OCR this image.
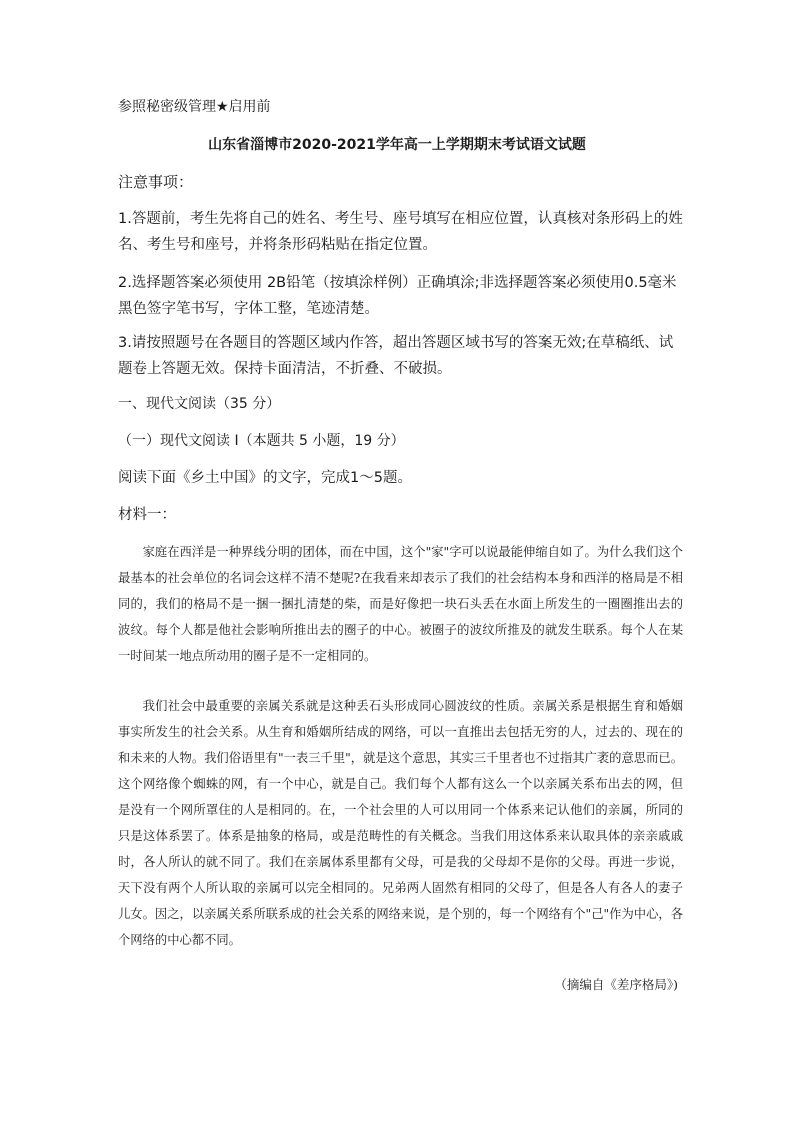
参照秘密级管理★启用前
山东省淄博市2020-2021学年高一上学期期末考试语文试题
注意事项：
1.答题前，考生先将自己的姓名、考生号、座号填写在相应位置，认真核对条形码上的姓名、考生号和座号，并将条形码粘贴在指定位置。
2.选择题答案必须使用 2B铅笔（按填涂样例）正确填涂;非选择题答案必须使用0.5毫米黑色签字笔书写，字体工整，笔迹清楚。
3.请按照题号在各题目的答题区域内作答，超出答题区域书写的答案无效;在草稿纸、试题卷上答题无效。保持卡面清洁，不折叠、不破损。
一、现代文阅读（35 分）
（一）现代文阅读 I（本题共 5 小题，19 分）
阅读下面《乡土中国》的文字，完成1～5题。
材料一：

家庭在西洋是一种界线分明的团体，而在中国，这个"家"字可以说最能伸缩自如了。为什么我们这个最基本的社会单位的名词会这样不清不楚呢?在我看来却表示了我们的社会结构本身和西洋的格局是不相同的，我们的格局不是一捆一捆扎清楚的柴，而是好像把一块石头丢在水面上所发生的一圈圈推出去的波纹。每个人都是他社会影响所推出去的圈子的中心。被圈子的波纹所推及的就发生联系。每个人在某一时间某一地点所动用的圈子是不一定相同的。

我们社会中最重要的亲属关系就是这种丢石头形成同心圆波纹的性质。亲属关系是根据生育和婚姻事实所发生的社会关系。从生育和婚姻所结成的网络，可以一直推出去包括无穷的人，过去的、现在的和未来的人物。我们俗语里有"一表三千里"，就是这个意思，其实三千里者也不过指其广袤的意思而已。这个网络像个蜘蛛的网，有一个中心，就是自己。我们每个人都有这么一个以亲属关系布出去的网，但是没有一个网所罩住的人是相同的。在，一个社会里的人可以用同一个体系来记认他们的亲属，所同的只是这体系罢了。体系是抽象的格局，或是范畴性的有关概念。当我们用这体系来认取具体的亲亲戚戚时，各人所认的就不同了。我们在亲属体系里都有父母，可是我的父母却不是你的父母。再进一步说，天下没有两个人所认取的亲属可以完全相同的。兄弟两人固然有相同的父母了，但是各人有各人的妻子儿女。因之，以亲属关系所联系成的社会关系的网络来说，是个别的，每一个网络有个"己"作为中心，各个网络的中心都不同。

（摘编自《差序格局》)
